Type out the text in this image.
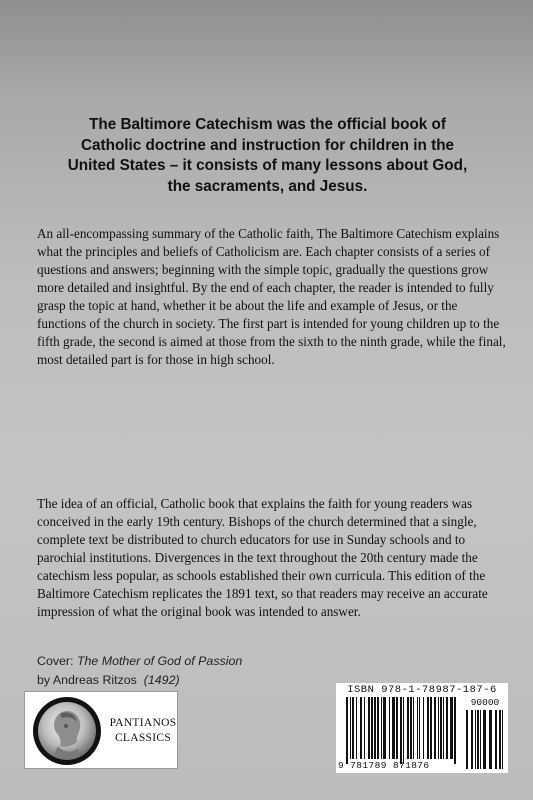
The Baltimore Catechism was the official book of Catholic doctrine and instruction for children in the United States – it consists of many lessons about God, the sacraments, and Jesus.
An all-encompassing summary of the Catholic faith, The Baltimore Catechism explains what the principles and beliefs of Catholicism are. Each chapter consists of a series of questions and answers; beginning with the simple topic, gradually the questions grow more detailed and insightful. By the end of each chapter, the reader is intended to fully grasp the topic at hand, whether it be about the life and example of Jesus, or the functions of the church in society. The first part is intended for young children up to the fifth grade, the second is aimed at those from the sixth to the ninth grade, while the final, most detailed part is for those in high school.
The idea of an official, Catholic book that explains the faith for young readers was conceived in the early 19th century. Bishops of the church determined that a single, complete text be distributed to church educators for use in Sunday schools and to parochial institutions. Divergences in the text throughout the 20th century made the catechism less popular, as schools established their own curricula. This edition of the Baltimore Catechism replicates the 1891 text, so that readers may receive an accurate impression of what the original book was intended to answer.
Cover: The Mother of God of Passion
by Andreas Ritzos (1492)
PANTIANOS
CLASSICS
ISBN 978-1-78987-187-6
9 781789 871876
90000
